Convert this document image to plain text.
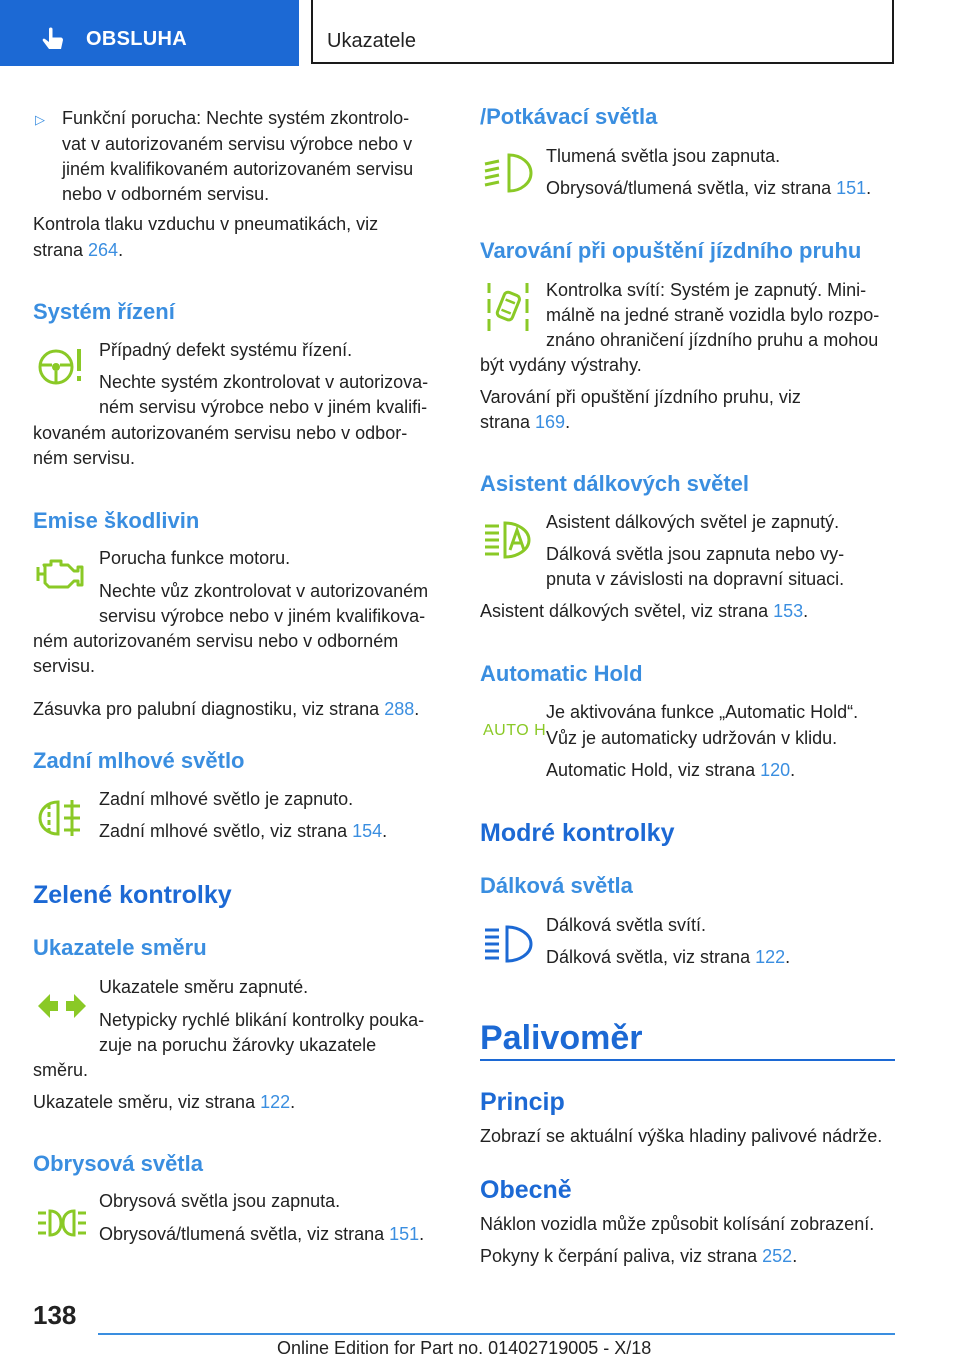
OBSLUHA	Ukazatele
▷ Funkční porucha: Nechte systém zkontrolo-

vat v autorizovaném servisu výrobce nebo v

jiném kvalifikovaném autorizovaném servisu

nebo v odborném servisu.

Kontrola tlaku vzduchu v pneumatikách, viz

strana 264.

Systém řízení

Případný defekt systému řízení.

Nechte systém zkontrolovat v autorizova-

ném servisu výrobce nebo v jiném kvalifi-

kovaném autorizovaném servisu nebo v odbor-

ném servisu.

Emise škodlivin

Porucha funkce motoru.

Nechte vůz zkontrolovat v autorizovaném

servisu výrobce nebo v jiném kvalifikova-

ném autorizovaném servisu nebo v odborném

servisu.

Zásuvka pro palubní diagnostiku, viz strana 288.

Zadní mlhové světlo

Zadní mlhové světlo je zapnuto.

Zadní mlhové světlo, viz strana 154.

Zelené kontrolky
Ukazatele směru

Ukazatele směru zapnuté.

Netypicky rychlé blikání kontrolky pouka-

zuje na poruchu žárovky ukazatele

směru.

Ukazatele směru, viz strana 122.

Obrysová světla

Obrysová světla jsou zapnuta.

Obrysová/tlumená světla, viz strana 151.

/Potkávací světla

Tlumená světla jsou zapnuta.

Obrysová/tlumená světla, viz strana 151.

Varování při opuštění jízdního pruhu

Kontrolka svítí: Systém je zapnutý. Mini-

málně na jedné straně vozidla bylo rozpo-

znáno ohraničení jízdního pruhu a mohou

být vydány výstrahy.

Varování při opuštění jízdního pruhu, viz

strana 169.

Asistent dálkových světel

Asistent dálkových světel je zapnutý.

Dálková světla jsou zapnuta nebo vy-

pnuta v závislosti na dopravní situaci.

Asistent dálkových světel, viz strana 153.

Automatic Hold
AUTO H

Je aktivována funkce „Automatic Hold“.

Vůz je automaticky udržován v klidu.

Automatic Hold, viz strana 120.

Modré kontrolky
Dálková světla

Dálková světla svítí.

Dálková světla, viz strana 122.

Palivoměr
Princip

Zobrazí se aktuální výška hladiny palivové nádrže.

Obecně

Náklon vozidla může způsobit kolísání zobrazení.

Pokyny k čerpání paliva, viz strana 252.

138
Online Edition for Part no. 01402719005 - X/18
